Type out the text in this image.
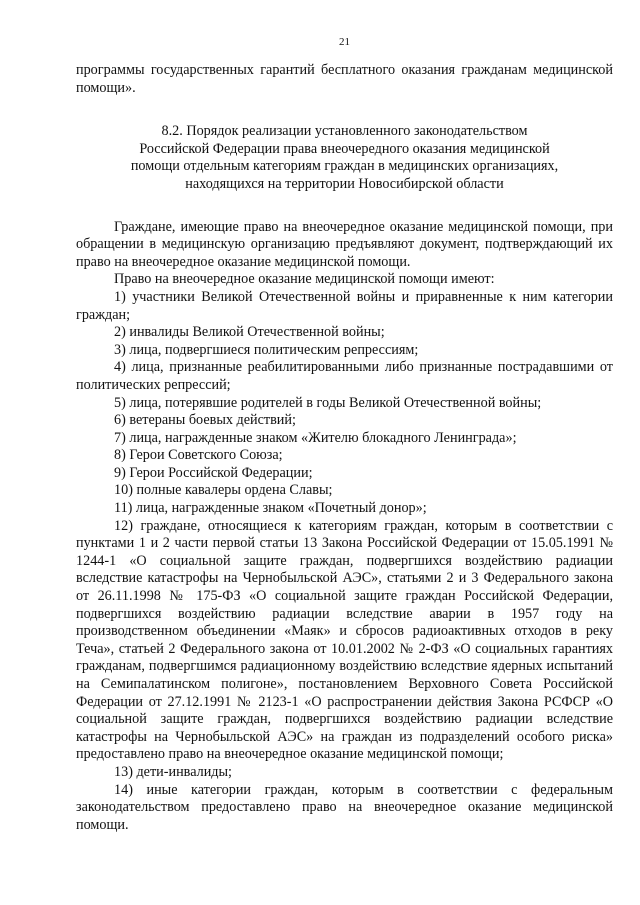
21

программы государственных гарантий бесплатного оказания гражданам медицинской помощи».

8.2. Порядок реализации установленного законодательством
Российской Федерации права внеочередного оказания медицинской
помощи отдельным категориям граждан в медицинских организациях,
находящихся на территории Новосибирской области

Граждане, имеющие право на внеочередное оказание медицинской помощи, при обращении в медицинскую организацию предъявляют документ, подтверждающий их право на внеочередное оказание медицинской помощи.

Право на внеочередное оказание медицинской помощи имеют:

1) участники Великой Отечественной войны и приравненные к ним категории граждан;

2) инвалиды Великой Отечественной войны;

3) лица, подвергшиеся политическим репрессиям;

4) лица, признанные реабилитированными либо признанные пострадавшими от политических репрессий;

5) лица, потерявшие родителей в годы Великой Отечественной войны;

6) ветераны боевых действий;

7) лица, награжденные знаком «Жителю блокадного Ленинграда»;

8) Герои Советского Союза;

9) Герои Российской Федерации;

10) полные кавалеры ордена Славы;

11) лица, награжденные знаком «Почетный донор»;

12) граждане, относящиеся к категориям граждан, которым в соответствии с пунктами 1 и 2 части первой статьи 13 Закона Российской Федерации от 15.05.1991 № 1244-1 «О социальной защите граждан, подвергшихся воздействию радиации вследствие катастрофы на Чернобыльской АЭС», статьями 2 и 3 Федерального закона от 26.11.1998 № 175-ФЗ «О социальной защите граждан Российской Федерации, подвергшихся воздействию радиации вследствие аварии в 1957 году на производственном объединении «Маяк» и сбросов радиоактивных отходов в реку Теча», статьей 2 Федерального закона от 10.01.2002 № 2-ФЗ «О социальных гарантиях гражданам, подвергшимся радиационному воздействию вследствие ядерных испытаний на Семипалатинском полигоне», постановлением Верховного Совета Российской Федерации от 27.12.1991 № 2123-1 «О распространении действия Закона РСФСР «О социальной защите граждан, подвергшихся воздействию радиации вследствие катастрофы на Чернобыльской АЭС» на граждан из подразделений особого риска» предоставлено право на внеочередное оказание медицинской помощи;

13) дети-инвалиды;

14) иные категории граждан, которым в соответствии с федеральным законодательством предоставлено право на внеочередное оказание медицинской помощи.
